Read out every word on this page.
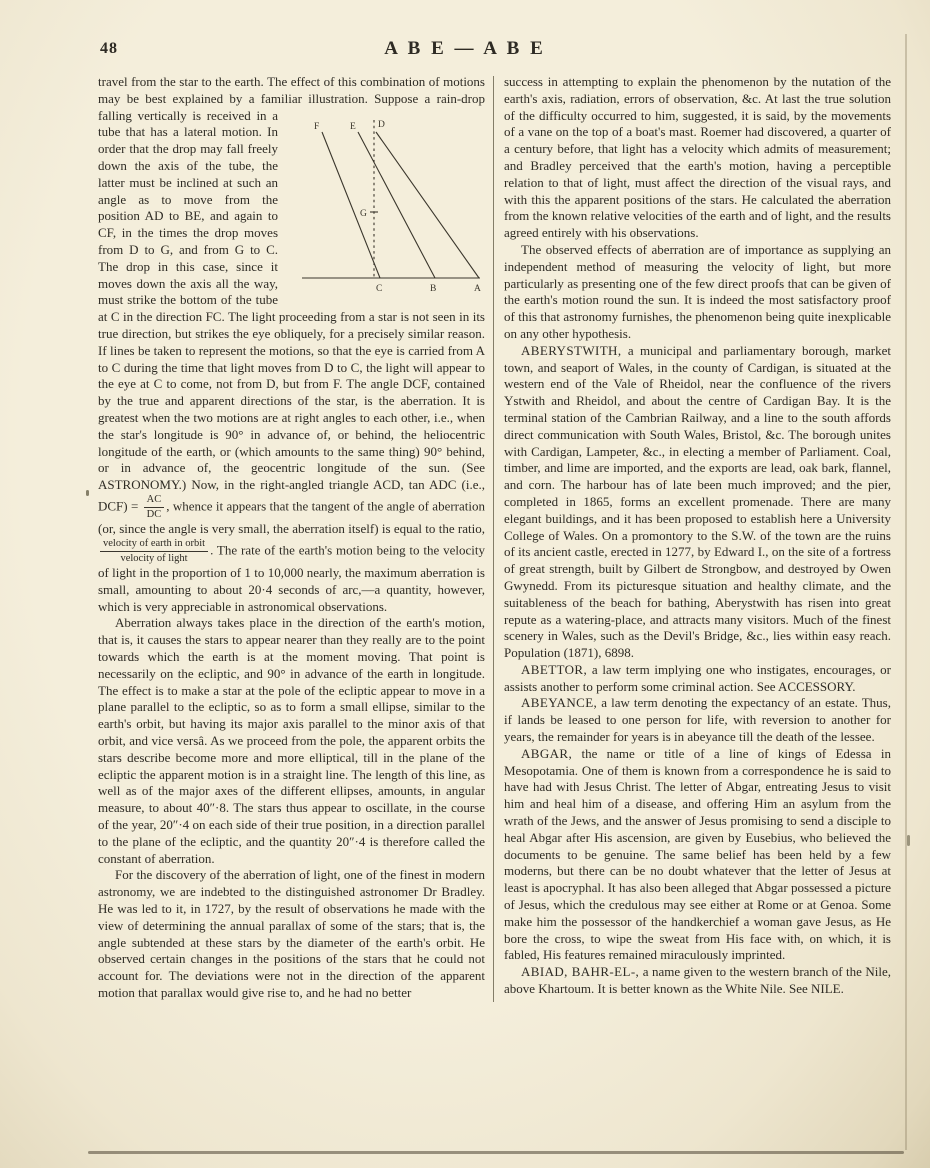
48	A B E — A B E

travel from the star to the earth. The effect of this combination of motions may be best explained by a familiar illustration. Suppose a rain-drop falling vertically is received
F	E D
G
C	B	A
in a tube that has a lateral motion. In order that the drop may fall freely down the axis of the tube, the latter must be inclined at such an angle as to move from the position AD to BE, and again to CF, in the times the drop moves from D to G, and from G to C. The drop in this case, since it moves down the axis all the way, must strike the bottom of the tube at C in the direction FC. The light proceeding from a star is not seen in its true direction, but strikes the eye obliquely, for a precisely similar reason. If lines be taken to represent the motions, so that the eye is carried from A to C during the time that light moves from D to C, the light will appear to the eye at C to come, not from D, but from F. The angle DCF, contained by the true and apparent directions of the star, is the aberration. It is greatest when the two motions are at right angles to each other, i.e., when the star's longitude is 90° in advance of, or behind, the heliocentric longitude of the earth, or (which amounts to the same thing) 90° behind, or in advance of, the geocentric longitude of the sun. (See ASTRONOMY.) Now, in the right-angled triangle ACD, tan ADC (i.e., $DCF) = \frac{AC}{DC}$ , whence it appears that the tangent of the angle of aberration (or, since the angle is very small, the aberration itself) is equal to the ratio,
$\frac{\text{velocity of earth in orbit}}{\text{velocity of light}}$ . The rate of the earth's motion being to the velocity of light in the proportion of 1 to 10,000 nearly, the maximum aberration is small, amounting to about 20·4 seconds of arc,—a quantity, however, which is very appreciable in astronomical observations.

Aberration always takes place in the direction of the earth's motion, that is, it causes the stars to appear nearer than they really are to the point towards which the earth is at the moment moving. That point is necessarily on the ecliptic, and 90° in advance of the earth in longitude. The effect is to make a star at the pole of the ecliptic appear to move in a plane parallel to the ecliptic, so as to form a small ellipse, similar to the earth's orbit, but having its major axis parallel to the minor axis of that orbit, and vice versâ. As we proceed from the pole, the apparent orbits the stars describe become more and more elliptical, till in the plane of the ecliptic the apparent motion is in a straight line. The length of this line, as well as of the major axes of the different ellipses, amounts, in angular measure, to about 40″·8. The stars thus appear to oscillate, in the course of the year, 20″·4 on each side of their true position, in a direction parallel to the plane of the ecliptic, and the quantity 20″·4 is therefore called the constant of aberration.

For the discovery of the aberration of light, one of the finest in modern astronomy, we are indebted to the distinguished astronomer Dr Bradley. He was led to it, in 1727, by the result of observations he made with the view of determining the annual parallax of some of the stars; that is, the angle subtended at these stars by the diameter of the earth's orbit. He observed certain changes in the positions of the stars that he could not account for. The deviations were not in the direction of the apparent motion that parallax would give rise to, and he had no better

success in attempting to explain the phenomenon by the nutation of the earth's axis, radiation, errors of observation, &c. At last the true solution of the difficulty occurred to him, suggested, it is said, by the movements of a vane on the top of a boat's mast. Roemer had discovered, a quarter of a century before, that light has a velocity which admits of measurement; and Bradley perceived that the earth's motion, having a perceptible relation to that of light, must affect the direction of the visual rays, and with this the apparent positions of the stars. He calculated the aberration from the known relative velocities of the earth and of light, and the results agreed entirely with his observations.

The observed effects of aberration are of importance as supplying an independent method of measuring the velocity of light, but more particularly as presenting one of the few direct proofs that can be given of the earth's motion round the sun. It is indeed the most satisfactory proof of this that astronomy furnishes, the phenomenon being quite inexplicable on any other hypothesis.

ABERYSTWITH, a municipal and parliamentary borough, market town, and seaport of Wales, in the county of Cardigan, is situated at the western end of the Vale of Rheidol, near the confluence of the rivers Ystwith and Rheidol, and about the centre of Cardigan Bay. It is the terminal station of the Cambrian Railway, and a line to the south affords direct communication with South Wales, Bristol, &c. The borough unites with Cardigan, Lampeter, &c., in electing a member of Parliament. Coal, timber, and lime are imported, and the exports are lead, oak bark, flannel, and corn. The harbour has of late been much improved; and the pier, completed in 1865, forms an excellent promenade. There are many elegant buildings, and it has been proposed to establish here a University College of Wales. On a promontory to the S.W. of the town are the ruins of its ancient castle, erected in 1277, by Edward I., on the site of a fortress of great strength, built by Gilbert de Strongbow, and destroyed by Owen Gwynedd. From its picturesque situation and healthy climate, and the suitableness of the beach for bathing, Aberystwith has risen into great repute as a watering-place, and attracts many visitors. Much of the finest scenery in Wales, such as the Devil's Bridge, &c., lies within easy reach. Population (1871), 6898.

ABETTOR, a law term implying one who instigates, encourages, or assists another to perform some criminal action. See ACCESSORY.

ABEYANCE, a law term denoting the expectancy of an estate. Thus, if lands be leased to one person for life, with reversion to another for years, the remainder for years is in abeyance till the death of the lessee.

ABGAR, the name or title of a line of kings of Edessa in Mesopotamia. One of them is known from a correspondence he is said to have had with Jesus Christ. The letter of Abgar, entreating Jesus to visit him and heal him of a disease, and offering Him an asylum from the wrath of the Jews, and the answer of Jesus promising to send a disciple to heal Abgar after His ascension, are given by Eusebius, who believed the documents to be genuine. The same belief has been held by a few moderns, but there can be no doubt whatever that the letter of Jesus at least is apocryphal. It has also been alleged that Abgar possessed a picture of Jesus, which the credulous may see either at Rome or at Genoa. Some make him the possessor of the handkerchief a woman gave Jesus, as He bore the cross, to wipe the sweat from His face with, on which, it is fabled, His features remained miraculously imprinted.

ABIAD, BAHR-EL-, a name given to the western branch of the Nile, above Khartoum. It is better known as the White Nile. See NILE.
